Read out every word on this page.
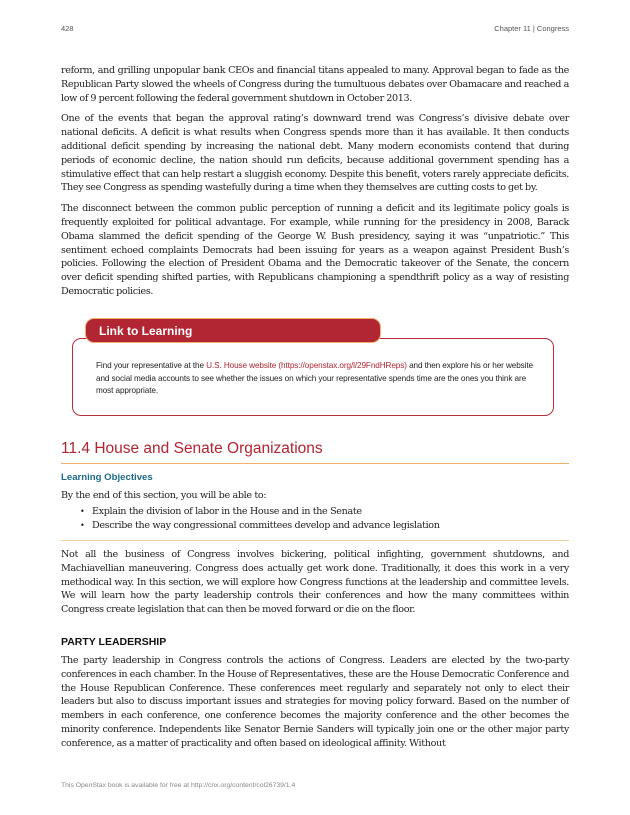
428	Chapter 11 | Congress

reform, and grilling unpopular bank CEOs and financial titans appealed to many. Approval began to fade as the Republican Party slowed the wheels of Congress during the tumultuous debates over Obamacare and reached a low of 9 percent following the federal government shutdown in October 2013.

One of the events that began the approval rating’s downward trend was Congress’s divisive debate over national deficits. A deficit is what results when Congress spends more than it has available. It then conducts additional deficit spending by increasing the national debt. Many modern economists contend that during periods of economic decline, the nation should run deficits, because additional government spending has a stimulative effect that can help restart a sluggish economy. Despite this benefit, voters rarely appreciate deficits. They see Congress as spending wastefully during a time when they themselves are cutting costs to get by.

The disconnect between the common public perception of running a deficit and its legitimate policy goals is frequently exploited for political advantage. For example, while running for the presidency in 2008, Barack Obama slammed the deficit spending of the George W. Bush presidency, saying it was “unpatriotic.” This sentiment echoed complaints Democrats had been issuing for years as a weapon against President Bush’s policies. Following the election of President Obama and the Democratic takeover of the Senate, the concern over deficit spending shifted parties, with Republicans championing a spendthrift policy as a way of resisting Democratic policies.

Link to Learning
Find your representative at the U.S. House website (https://openstax.org/l/29FndHReps) and then explore his or her website and social media accounts to see whether the issues on which your representative spends time are the ones you think are most appropriate.
11.4 House and Senate Organizations
Learning Objectives
By the end of this section, you will be able to:
• Explain the division of labor in the House and in the Senate
• Describe the way congressional committees develop and advance legislation

Not all the business of Congress involves bickering, political infighting, government shutdowns, and Machiavellian maneuvering. Congress does actually get work done. Traditionally, it does this work in a very methodical way. In this section, we will explore how Congress functions at the leadership and committee levels. We will learn how the party leadership controls their conferences and how the many committees within Congress create legislation that can then be moved forward or die on the floor.

PARTY LEADERSHIP

The party leadership in Congress controls the actions of Congress. Leaders are elected by the two-party conferences in each chamber. In the House of Representatives, these are the House Democratic Conference and the House Republican Conference. These conferences meet regularly and separately not only to elect their leaders but also to discuss important issues and strategies for moving policy forward. Based on the number of members in each conference, one conference becomes the majority conference and the other becomes the minority conference. Independents like Senator Bernie Sanders will typically join one or the other major party conference, as a matter of practicality and often based on ideological affinity. Without

This OpenStax book is available for free at http://cnx.org/content/col26739/1.4
